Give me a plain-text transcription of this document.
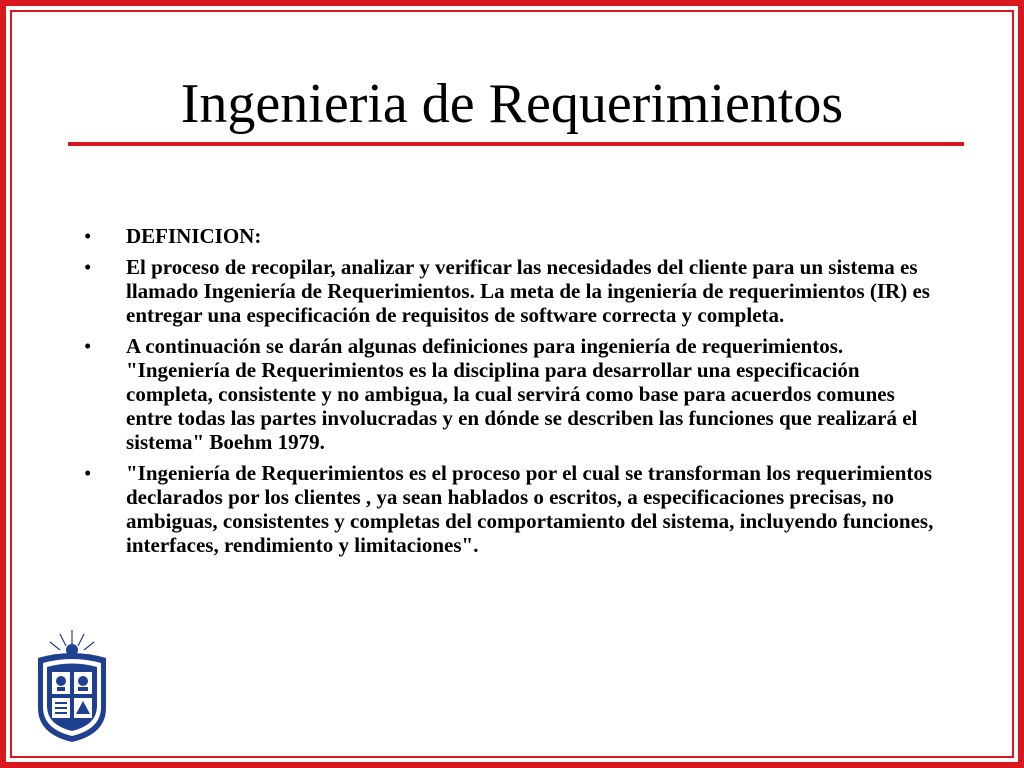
Ingenieria de Requerimientos
•	DEFINICION:
•	El proceso de recopilar, analizar y verificar las necesidades del cliente para un sistema es llamado Ingeniería de Requerimientos. La meta de la ingeniería de requerimientos (IR) es entregar una especificación de requisitos de software correcta y completa.
•	A continuación se darán algunas definiciones para ingeniería de requerimientos.
"Ingeniería de Requerimientos es la disciplina para desarrollar una especificación completa, consistente y no ambigua, la cual servirá como base para acuerdos comunes entre todas las partes involucradas y en dónde se describen las funciones que realizará el sistema" Boehm 1979.
•	"Ingeniería de Requerimientos es el proceso por el cual se transforman los requerimientos declarados por los clientes , ya sean hablados o escritos, a especificaciones precisas, no ambiguas, consistentes y completas del comportamiento del sistema, incluyendo funciones, interfaces, rendimiento y limitaciones".
